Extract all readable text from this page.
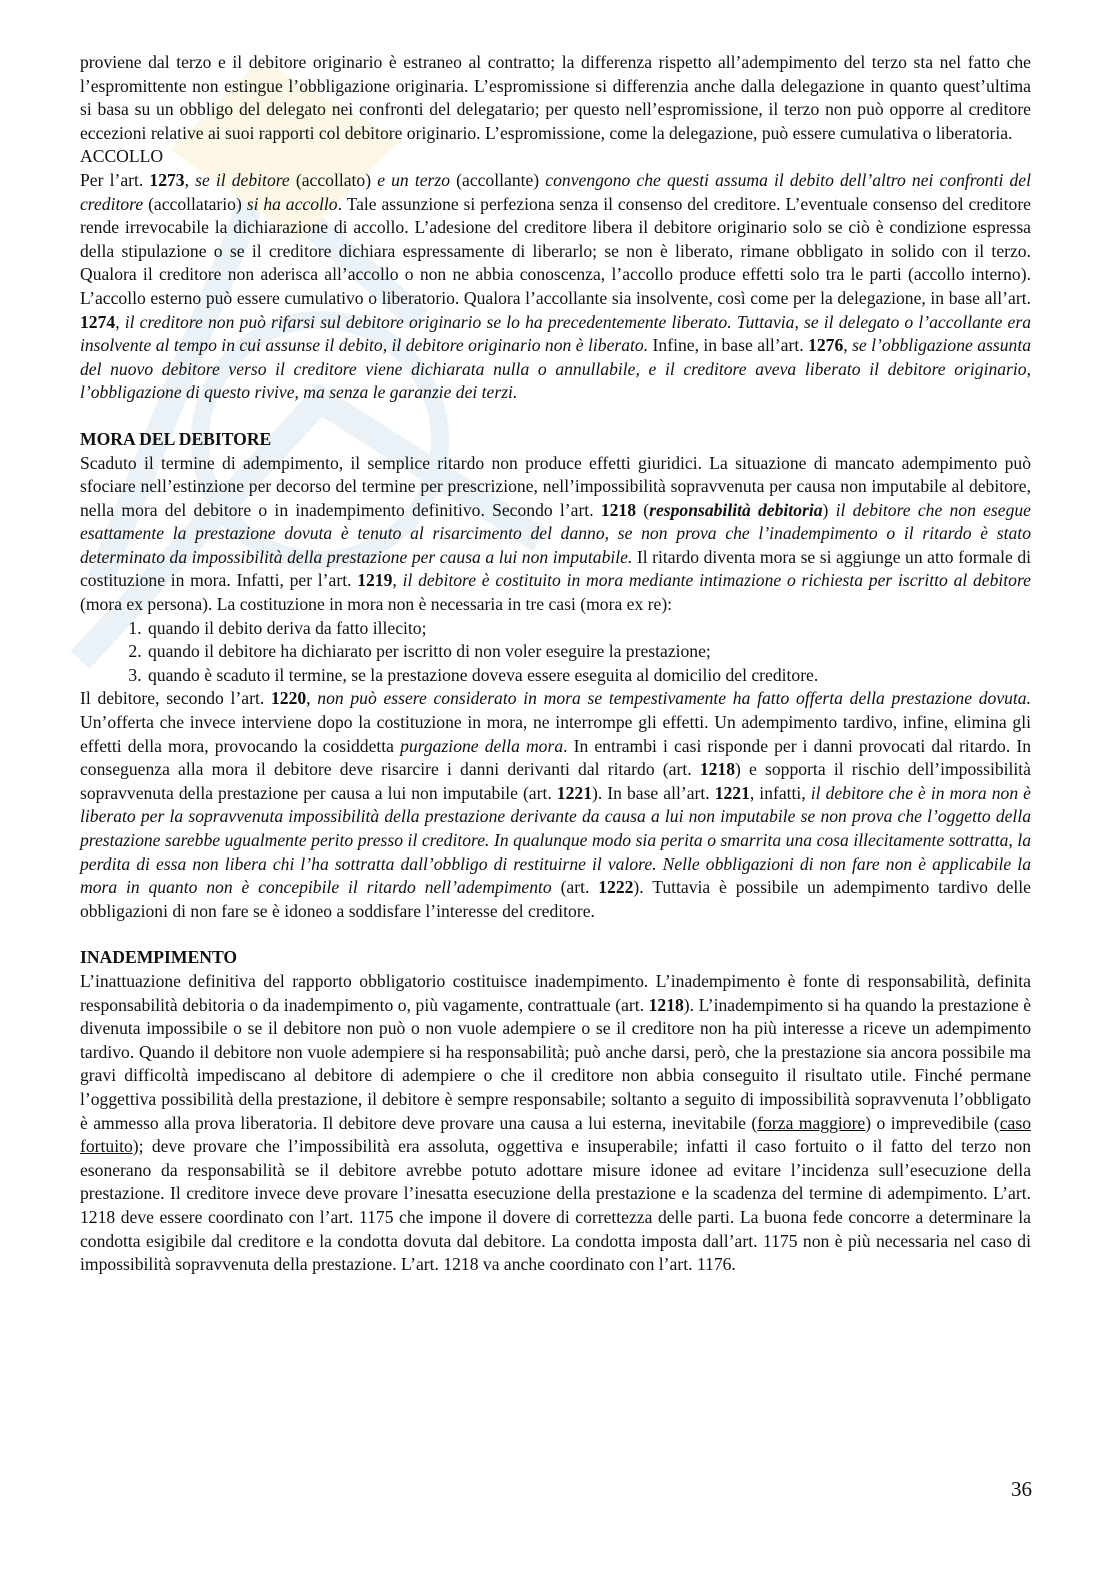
proviene dal terzo e il debitore originario è estraneo al contratto; la differenza rispetto all’adempimento del terzo sta nel fatto che l’espromittente non estingue l’obbligazione originaria. L’espromissione si differenzia anche dalla delegazione in quanto quest’ultima si basa su un obbligo del delegato nei confronti del delegatario; per questo nell’espromissione, il terzo non può opporre al creditore eccezioni relative ai suoi rapporti col debitore originario. L’espromissione, come la delegazione, può essere cumulativa o liberatoria.

ACCOLLO

Per l’art. 1273, se il debitore (accollato) e un terzo (accollante) convengono che questi assuma il debito dell’altro nei confronti del creditore (accollatario) si ha accollo. Tale assunzione si perfeziona senza il consenso del creditore. L’eventuale consenso del creditore rende irrevocabile la dichiarazione di accollo. L’adesione del creditore libera il debitore originario solo se ciò è condizione espressa della stipulazione o se il creditore dichiara espressamente di liberarlo; se non è liberato, rimane obbligato in solido con il terzo. Qualora il creditore non aderisca all’accollo o non ne abbia conoscenza, l’accollo produce effetti solo tra le parti (accollo interno). L’accollo esterno può essere cumulativo o liberatorio. Qualora l’accollante sia insolvente, così come per la delegazione, in base all’art. 1274, il creditore non può rifarsi sul debitore originario se lo ha precedentemente liberato. Tuttavia, se il delegato o l’accollante era insolvente al tempo in cui assunse il debito, il debitore originario non è liberato. Infine, in base all’art. 1276, se l’obbligazione assunta del nuovo debitore verso il creditore viene dichiarata nulla o annullabile, e il creditore aveva liberato il debitore originario, l’obbligazione di questo rivive, ma senza le garanzie dei terzi.

MORA DEL DEBITORE

Scaduto il termine di adempimento, il semplice ritardo non produce effetti giuridici. La situazione di mancato adempimento può sfociare nell’estinzione per decorso del termine per prescrizione, nell’impossibilità sopravvenuta per causa non imputabile al debitore, nella mora del debitore o in inadempimento definitivo. Secondo l’art. 1218 (responsabilità debitoria) il debitore che non esegue esattamente la prestazione dovuta è tenuto al risarcimento del danno, se non prova che l’inadempimento o il ritardo è stato determinato da impossibilità della prestazione per causa a lui non imputabile. Il ritardo diventa mora se si aggiunge un atto formale di costituzione in mora. Infatti, per l’art. 1219, il debitore è costituito in mora mediante intimazione o richiesta per iscritto al debitore (mora ex persona). La costituzione in mora non è necessaria in tre casi (mora ex re):

1. quando il debito deriva da fatto illecito;
2. quando il debitore ha dichiarato per iscritto di non voler eseguire la prestazione;
3. quando è scaduto il termine, se la prestazione doveva essere eseguita al domicilio del creditore.

Il debitore, secondo l’art. 1220, non può essere considerato in mora se tempestivamente ha fatto offerta della prestazione dovuta. Un’offerta che invece interviene dopo la costituzione in mora, ne interrompe gli effetti. Un adempimento tardivo, infine, elimina gli effetti della mora, provocando la cosiddetta purgazione della mora. In entrambi i casi risponde per i danni provocati dal ritardo. In conseguenza alla mora il debitore deve risarcire i danni derivanti dal ritardo (art. 1218) e sopporta il rischio dell’impossibilità sopravvenuta della prestazione per causa a lui non imputabile (art. 1221). In base all’art. 1221, infatti, il debitore che è in mora non è liberato per la sopravvenuta impossibilità della prestazione derivante da causa a lui non imputabile se non prova che l’oggetto della prestazione sarebbe ugualmente perito presso il creditore. In qualunque modo sia perita o smarrita una cosa illecitamente sottratta, la perdita di essa non libera chi l’ha sottratta dall’obbligo di restituirne il valore. Nelle obbligazioni di non fare non è applicabile la mora in quanto non è concepibile il ritardo nell’adempimento (art. 1222). Tuttavia è possibile un adempimento tardivo delle obbligazioni di non fare se è idoneo a soddisfare l’interesse del creditore.

INADEMPIMENTO

L’inattuazione definitiva del rapporto obbligatorio costituisce inadempimento. L’inadempimento è fonte di responsabilità, definita responsabilità debitoria o da inadempimento o, più vagamente, contrattuale (art. 1218). L’inadempimento si ha quando la prestazione è divenuta impossibile o se il debitore non può o non vuole adempiere o se il creditore non ha più interesse a riceve un adempimento tardivo. Quando il debitore non vuole adempiere si ha responsabilità; può anche darsi, però, che la prestazione sia ancora possibile ma gravi difficoltà impediscano al debitore di adempiere o che il creditore non abbia conseguito il risultato utile. Finché permane l’oggettiva possibilità della prestazione, il debitore è sempre responsabile; soltanto a seguito di impossibilità sopravvenuta l’obbligato è ammesso alla prova liberatoria. Il debitore deve provare una causa a lui esterna, inevitabile (forza maggiore) o imprevedibile (caso fortuito); deve provare che l’impossibilità era assoluta, oggettiva e insuperabile; infatti il caso fortuito o il fatto del terzo non esonerano da responsabilità se il debitore avrebbe potuto adottare misure idonee ad evitare l’incidenza sull’esecuzione della prestazione. Il creditore invece deve provare l’inesatta esecuzione della prestazione e la scadenza del termine di adempimento. L’art. 1218 deve essere coordinato con l’art. 1175 che impone il dovere di correttezza delle parti. La buona fede concorre a determinare la condotta esigibile dal creditore e la condotta dovuta dal debitore. La condotta imposta dall’art. 1175 non è più necessaria nel caso di impossibilità sopravvenuta della prestazione. L’art. 1218 va anche coordinato con l’art. 1176.

36
